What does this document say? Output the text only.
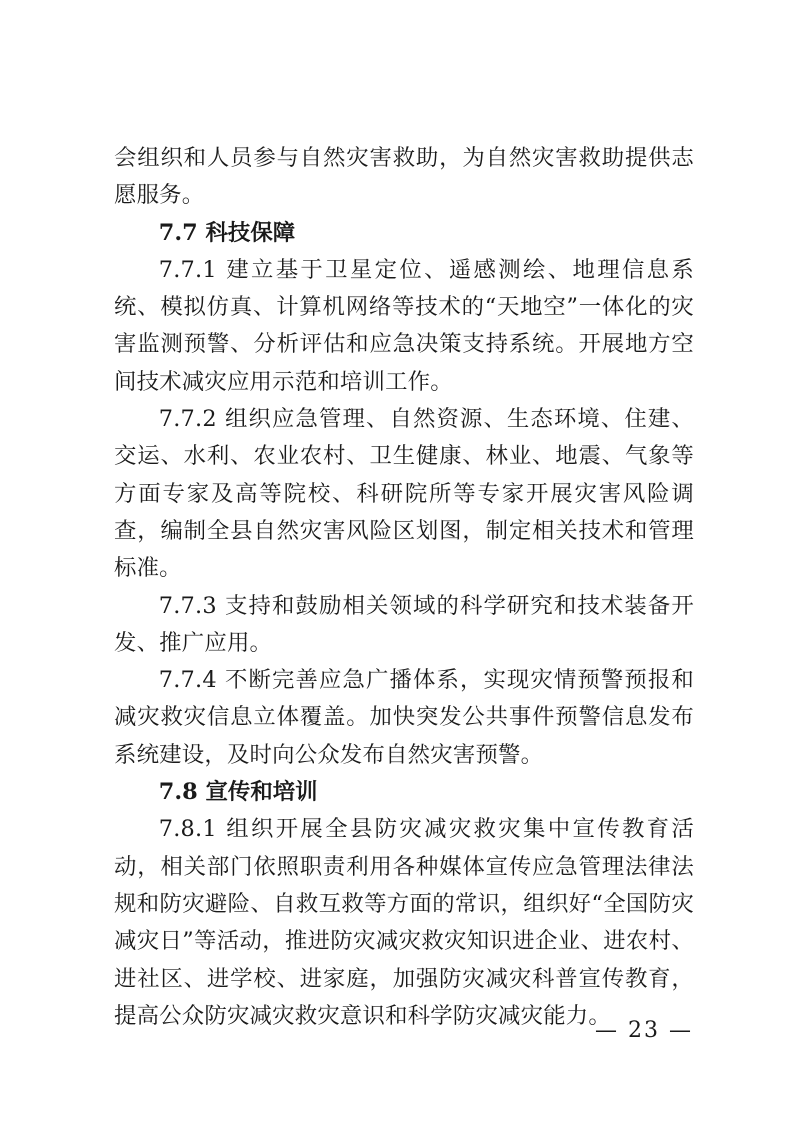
会组织和人员参与自然灾害救助，为自然灾害救助提供志愿服务。

7.7 科技保障

7.7.1 建立基于卫星定位、遥感测绘、地理信息系统、模拟仿真、计算机网络等技术的“天地空”一体化的灾害监测预警、分析评估和应急决策支持系统。开展地方空间技术减灾应用示范和培训工作。

7.7.2 组织应急管理、自然资源、生态环境、住建、交运、水利、农业农村、卫生健康、林业、地震、气象等方面专家及高等院校、科研院所等专家开展灾害风险调查，编制全县自然灾害风险区划图，制定相关技术和管理标准。

7.7.3 支持和鼓励相关领域的科学研究和技术装备开发、推广应用。

7.7.4 不断完善应急广播体系，实现灾情预警预报和减灾救灾信息立体覆盖。加快突发公共事件预警信息发布系统建设，及时向公众发布自然灾害预警。

7.8 宣传和培训

7.8.1 组织开展全县防灾减灾救灾集中宣传教育活动，相关部门依照职责利用各种媒体宣传应急管理法律法规和防灾避险、自救互救等方面的常识，组织好“全国防灾减灾日”等活动，推进防灾减灾救灾知识进企业、进农村、进社区、进学校、进家庭，加强防灾减灾科普宣传教育，提高公众防灾减灾救灾意识和科学防灾减灾能力。

— 23 —
